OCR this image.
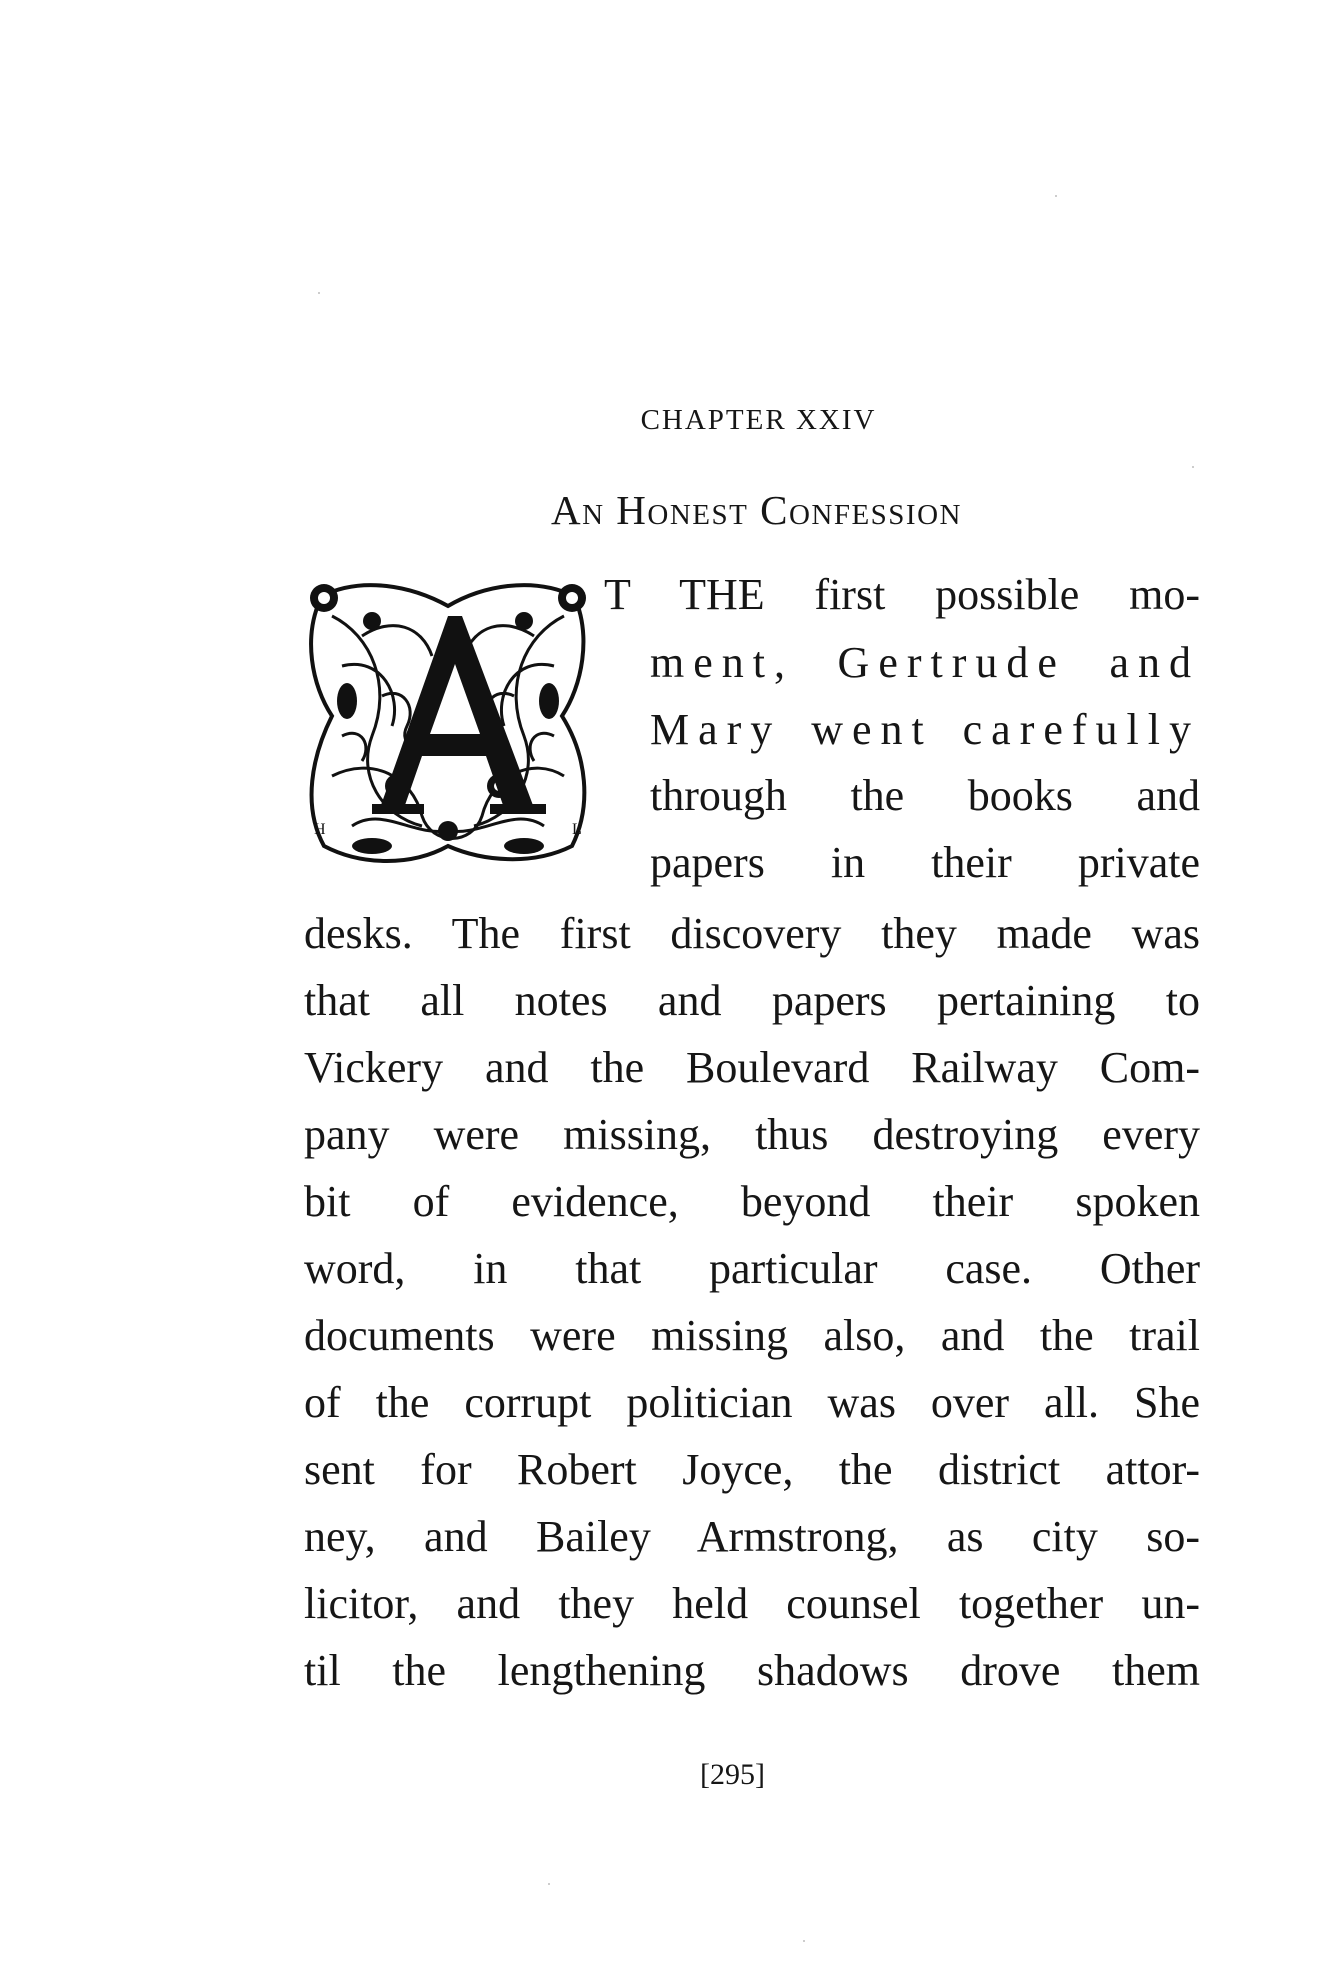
CHAPTER XXIV
An Honest Confession
H	L
T THE first possible mo-
ment, Gertrude and
Mary went carefully
through the books and
papers in their private
desks. The first discovery they made was
that all notes and papers pertaining to
Vickery and the Boulevard Railway Com-
pany were missing, thus destroying every
bit of evidence, beyond their spoken
word, in that particular case. Other
documents were missing also, and the trail
of the corrupt politician was over all. She
sent for Robert Joyce, the district attor-
ney, and Bailey Armstrong, as city so-
licitor, and they held counsel together un-
til the lengthening shadows drove them
[295]
